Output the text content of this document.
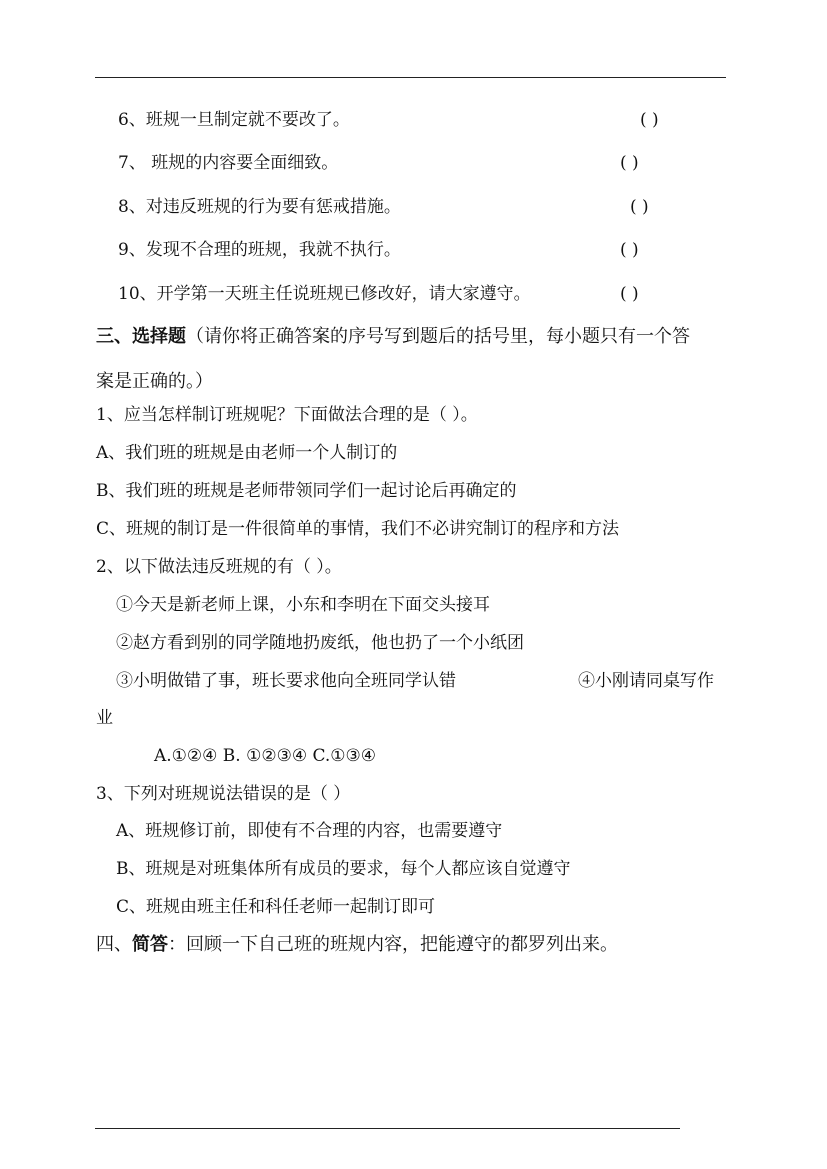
6、班规一旦制定就不要改了。	( )
7、 班规的内容要全面细致。	( )
8、对违反班规的行为要有惩戒措施。	( )
9、发现不合理的班规，我就不执行。	( )
10、开学第一天班主任说班规已修改好，请大家遵守。	( )
三、选择题（请你将正确答案的序号写到题后的括号里，每小题只有一个答
案是正确的。）
1、应当怎样制订班规呢？下面做法合理的是（ ）。
A、我们班的班规是由老师一个人制订的
B、我们班的班规是老师带领同学们一起讨论后再确定的
C、班规的制订是一件很简单的事情，我们不必讲究制订的程序和方法
2、以下做法违反班规的有（ ）。
①今天是新老师上课，小东和李明在下面交头接耳
②赵方看到别的同学随地扔废纸，他也扔了一个小纸团
③小明做错了事，班长要求他向全班同学认错	④小刚请同桌写作
业
A.①②④ B. ①②③④ C.①③④
3、下列对班规说法错误的是（ ）
A、班规修订前，即使有不合理的内容，也需要遵守
B、班规是对班集体所有成员的要求，每个人都应该自觉遵守
C、班规由班主任和科任老师一起制订即可
四、简答：回顾一下自己班的班规内容，把能遵守的都罗列出来。
